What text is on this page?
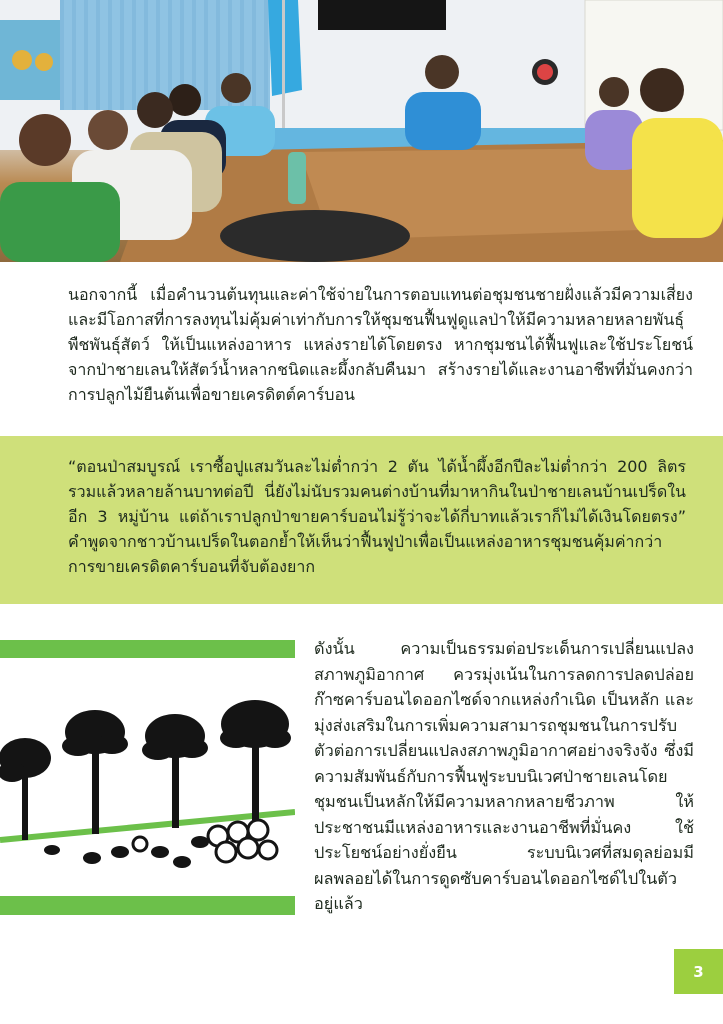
นอกจากนี้ เมื่อคำนวนต้นทุนและค่าใช้จ่ายในการตอบแทนต่อชุมชนชายฝั่งแล้วมีความเสี่ยงและมีโอกาสที่การลงทุนไม่คุ้มค่าเท่ากับการให้ชุมชนฟื้นฟูดูแลป่าให้มีความหลายหลายพันธุ์พืชพันธุ์สัตว์ ให้เป็นแหล่งอาหาร แหล่งรายได้โดยตรง หากชุมชนได้ฟื้นฟูและใช้ประโยชน์จากป่าชายเลนให้สัตว์น้ำหลากชนิดและผึ้งกลับคืนมา สร้างรายได้และงานอาชีพที่มั่นคงกว่าการปลูกไม้ยืนต้นเพื่อขายเครดิตต์คาร์บอน

“ตอนป่าสมบูรณ์ เราซื้อปูแสมวันละไม่ต่ำกว่า 2 ตัน ได้น้ำผึ้งอีกปีละไม่ต่ำกว่า 200 ลิตร รวมแล้วหลายล้านบาทต่อปี นี่ยังไม่นับรวมคนต่างบ้านที่มาหากินในป่าชายเลนบ้านเปร็ดในอีก 3 หมู่บ้าน แต่ถ้าเราปลูกป่าขายคาร์บอนไม่รู้ว่าจะได้กี่บาทแล้วเราก็ไม่ได้เงินโดยตรง” คำพูดจากชาวบ้านเปร็ดในตอกย้ำให้เห็นว่าฟื้นฟูป่าเพื่อเป็นแหล่งอาหารชุมชนคุ้มค่ากว่าการขายเครดิตคาร์บอนที่จับต้องยาก

ดังนั้น ความเป็นธรรมต่อประเด็นการเปลี่ยนแปลงสภาพภูมิอากาศ ควรมุ่งเน้นในการลดการปลดปล่อยก๊าซคาร์บอนไดออกไซด์จากแหล่งกำเนิด เป็นหลัก และมุ่งส่งเสริมในการเพิ่มความสามารถชุมชนในการปรับตัวต่อการเปลี่ยนแปลงสภาพภูมิอากาศอย่างจริงจัง ซึ่งมีความสัมพันธ์กับการฟื้นฟูระบบนิเวศป่าชายเลนโดยชุมชนเป็นหลักให้มีความหลากหลายชีวภาพ ให้ประชาชนมีแหล่งอาหารและงานอาชีพที่มั่นคง ใช้ประโยชน์อย่างยั่งยืน ระบบนิเวศที่สมดุลย่อมมีผลพลอยได้ในการดูดซับคาร์บอนไดออกไซด์ไปในตัวอยู่แล้ว

3
